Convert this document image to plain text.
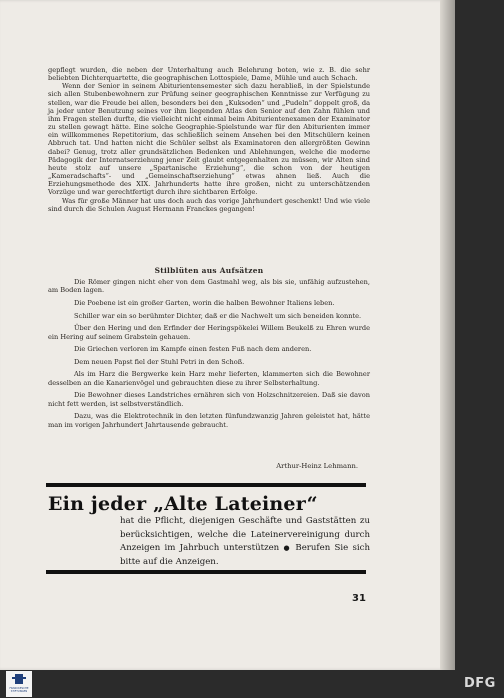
gepflegt wurden, die neben der Unterhaltung auch Belehrung boten, wie z. B. die sehr beliebten Dichterquartette, die geographischen Lottospiele, Dame, Mühle und auch Schach.

Wenn der Senior in seinem Abiturientensemester sich dazu herabließ, in der Spielstunde sich allen Stubenbewohnern zur Prüfung seiner geographischen Kenntnisse zur Verfügung zu stellen, war die Freude bei allen, besonders bei den „Kuksoden“ und „Pudeln“ doppelt groß, da ja jeder unter Benutzung seines vor ihm liegenden Atlas den Senior auf den Zahn fühlen und ihm Fragen stellen durfte, die vielleicht nicht einmal beim Abiturientenexamen der Examinator zu stellen gewagt hätte. Eine solche Geographie-Spielstunde war für den Abiturienten immer ein willkommenes Repetitorium, das schließlich seinem Ansehen bei den Mitschülern keinen Abbruch tat. Und hatten nicht die Schüler selbst als Examinatoren den allergrößten Gewinn dabei? Genug, trotz aller grundsätzlichen Bedenken und Ablehnungen, welche die moderne Pädagogik der Internatserziehung jener Zeit glaubt entgegenhalten zu müssen, wir Alten sind heute stolz auf unsere „Spartanische Erziehung“, die schon von der heutigen „Kameradschafts“- und „Gemeinschaftserziehung“ etwas ahnen ließ. Auch die Erziehungsmethode des XIX. Jahrhunderts hatte ihre großen, nicht zu unterschätzenden Vorzüge und war gerechtfertigt durch ihre sichtbaren Erfolge.

Was für große Männer hat uns doch auch das vorige Jahrhundert geschenkt! Und wie viele sind durch die Schulen August Hermann Franckes gegangen!

Stilblüten aus Aufsätzen

Die Römer gingen nicht eher von dem Gastmahl weg, als bis sie, unfähig aufzustehen, am Boden lagen.

Die Poebene ist ein großer Garten, worin die halben Bewohner Italiens leben.

Schiller war ein so berühmter Dichter, daß er die Nachwelt um sich beneiden konnte.

Über den Hering und den Erfinder der Heringspökelei Willem Beukelß zu Ehren wurde ein Hering auf seinem Grabstein gehauen.

Die Griechen verloren im Kampfe einen festen Fuß nach dem anderen.

Dem neuen Papst fiel der Stuhl Petri in den Schoß.

Als im Harz die Bergwerke kein Harz mehr lieferten, klammerten sich die Bewohner desselben an die Kanarienvögel und gebrauchten diese zu ihrer Selbsterhaltung.

Die Bewohner dieses Landstriches ernähren sich von Holzschnitzereien. Daß sie davon nicht fett werden, ist selbstverständlich.

Dazu, was die Elektrotechnik in den letzten fünfundzwanzig Jahren geleistet hat, hätte man im vorigen Jahrhundert Jahrtausende gebraucht.

Arthur-Heinz Lehmann.
Ein jeder „Alte Lateiner“
hat die Pflicht, diejenigen Geschäfte und Gaststätten zu berücksichtigen, welche die Lateinervereinigung durch Anzeigen im Jahrbuch unterstützen ● Berufen Sie sich bitte auf die Anzeigen.
31
FRANCKESCHE STIFTUNGEN
DFG
